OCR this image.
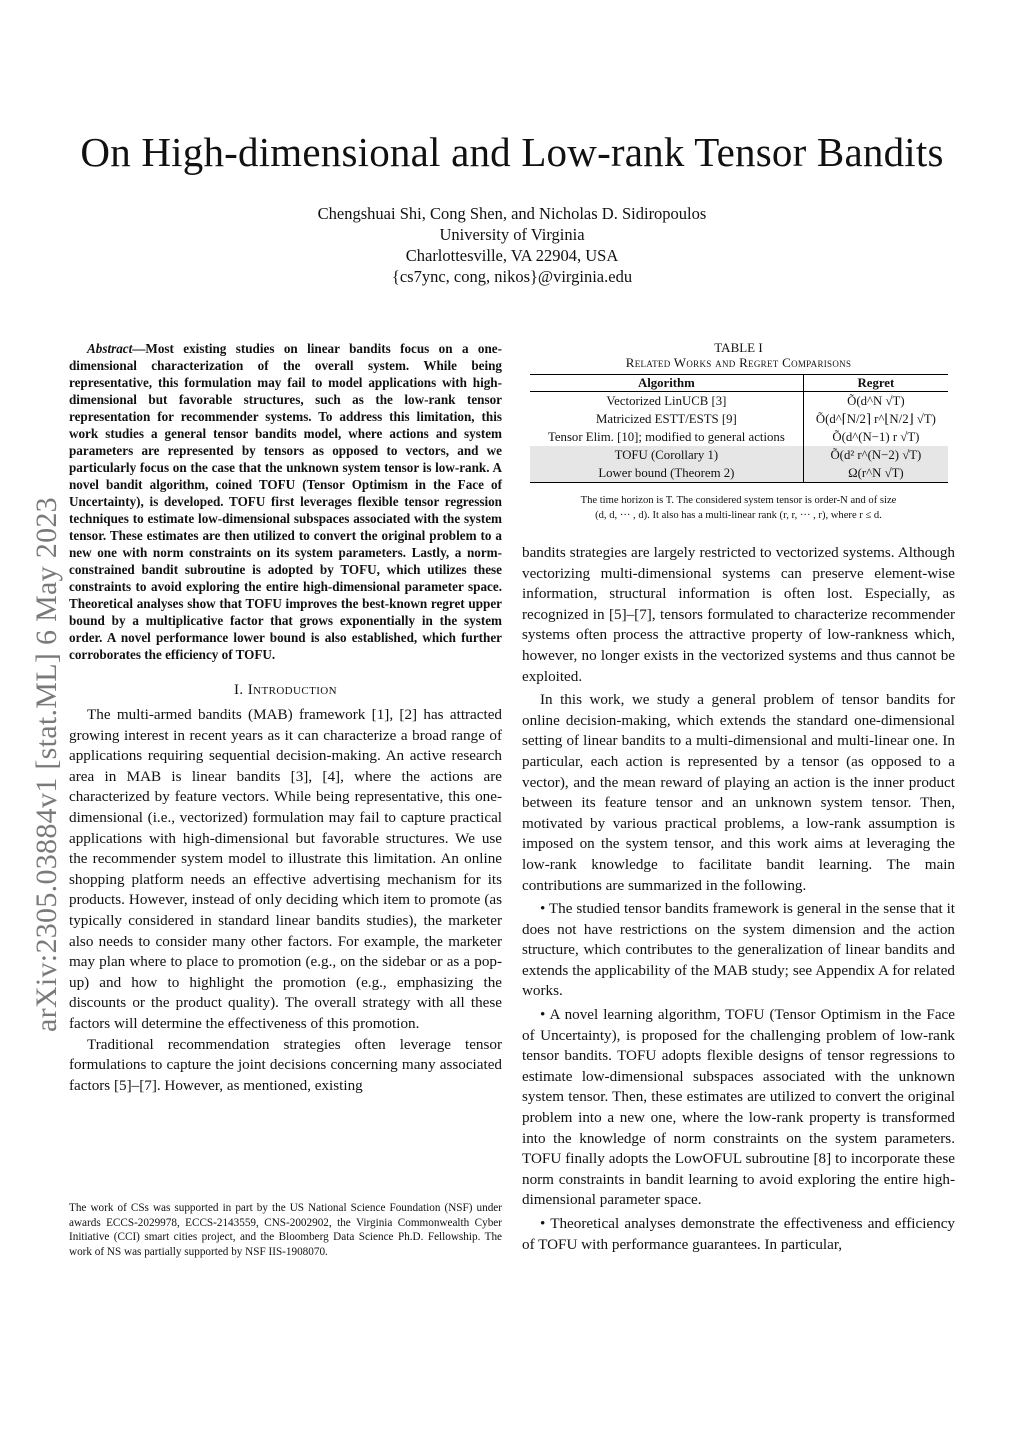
arXiv:2305.03884v1 [stat.ML] 6 May 2023
On High-dimensional and Low-rank Tensor Bandits
Chengshuai Shi, Cong Shen, and Nicholas D. Sidiropoulos
University of Virginia
Charlottesville, VA 22904, USA
{cs7ync, cong, nikos}@virginia.edu
Abstract—Most existing studies on linear bandits focus on a one-dimensional characterization of the overall system. While being representative, this formulation may fail to model applications with high-dimensional but favorable structures, such as the low-rank tensor representation for recommender systems. To address this limitation, this work studies a general tensor bandits model, where actions and system parameters are represented by tensors as opposed to vectors, and we particularly focus on the case that the unknown system tensor is low-rank. A novel bandit algorithm, coined TOFU (Tensor Optimism in the Face of Uncertainty), is developed. TOFU first leverages flexible tensor regression techniques to estimate low-dimensional subspaces associated with the system tensor. These estimates are then utilized to convert the original problem to a new one with norm constraints on its system parameters. Lastly, a norm-constrained bandit subroutine is adopted by TOFU, which utilizes these constraints to avoid exploring the entire high-dimensional parameter space. Theoretical analyses show that TOFU improves the best-known regret upper bound by a multiplicative factor that grows exponentially in the system order. A novel performance lower bound is also established, which further corroborates the efficiency of TOFU.
I. Introduction

The multi-armed bandits (MAB) framework [1], [2] has attracted growing interest in recent years as it can characterize a broad range of applications requiring sequential decision-making. An active research area in MAB is linear bandits [3], [4], where the actions are characterized by feature vectors. While being representative, this one-dimensional (i.e., vectorized) formulation may fail to capture practical applications with high-dimensional but favorable structures. We use the recommender system model to illustrate this limitation. An online shopping platform needs an effective advertising mechanism for its products. However, instead of only deciding which item to promote (as typically considered in standard linear bandits studies), the marketer also needs to consider many other factors. For example, the marketer may plan where to place to promotion (e.g., on the sidebar or as a pop-up) and how to highlight the promotion (e.g., emphasizing the discounts or the product quality). The overall strategy with all these factors will determine the effectiveness of this promotion.

Traditional recommendation strategies often leverage tensor formulations to capture the joint decisions concerning many associated factors [5]–[7]. However, as mentioned, existing

The work of CSs was supported in part by the US National Science Foundation (NSF) under awards ECCS-2029978, ECCS-2143559, CNS-2002902, the Virginia Commonwealth Cyber Initiative (CCI) smart cities project, and the Bloomberg Data Science Ph.D. Fellowship. The work of NS was partially supported by NSF IIS-1908070.
TABLE I
Related Works and Regret Comparisons
Algorithm	Regret
Vectorized LinUCB [3]	Õ(d^N √T)
Matricized ESTT/ESTS [9]	Õ(d^⌈N/2⌉ r^⌊N/2⌋ √T)
Tensor Elim. [10]; modified to general actions	Õ(d^(N−1) r √T)
TOFU (Corollary 1)	Õ(d² r^(N−2) √T)
Lower bound (Theorem 2)	Ω(r^N √T)
The time horizon is T. The considered system tensor is order-N and of size
(d, d, ··· , d). It also has a multi-linear rank (r, r, ··· , r), where r ≤ d.

bandits strategies are largely restricted to vectorized systems. Although vectorizing multi-dimensional systems can preserve element-wise information, structural information is often lost. Especially, as recognized in [5]–[7], tensors formulated to characterize recommender systems often process the attractive property of low-rankness which, however, no longer exists in the vectorized systems and thus cannot be exploited.

In this work, we study a general problem of tensor bandits for online decision-making, which extends the standard one-dimensional setting of linear bandits to a multi-dimensional and multi-linear one. In particular, each action is represented by a tensor (as opposed to a vector), and the mean reward of playing an action is the inner product between its feature tensor and an unknown system tensor. Then, motivated by various practical problems, a low-rank assumption is imposed on the system tensor, and this work aims at leveraging the low-rank knowledge to facilitate bandit learning. The main contributions are summarized in the following.

• The studied tensor bandits framework is general in the sense that it does not have restrictions on the system dimension and the action structure, which contributes to the generalization of linear bandits and extends the applicability of the MAB study; see Appendix A for related works.

• A novel learning algorithm, TOFU (Tensor Optimism in the Face of Uncertainty), is proposed for the challenging problem of low-rank tensor bandits. TOFU adopts flexible designs of tensor regressions to estimate low-dimensional subspaces associated with the unknown system tensor. Then, these estimates are utilized to convert the original problem into a new one, where the low-rank property is transformed into the knowledge of norm constraints on the system parameters. TOFU finally adopts the LowOFUL subroutine [8] to incorporate these norm constraints in bandit learning to avoid exploring the entire high-dimensional parameter space.

• Theoretical analyses demonstrate the effectiveness and efficiency of TOFU with performance guarantees. In particular,
